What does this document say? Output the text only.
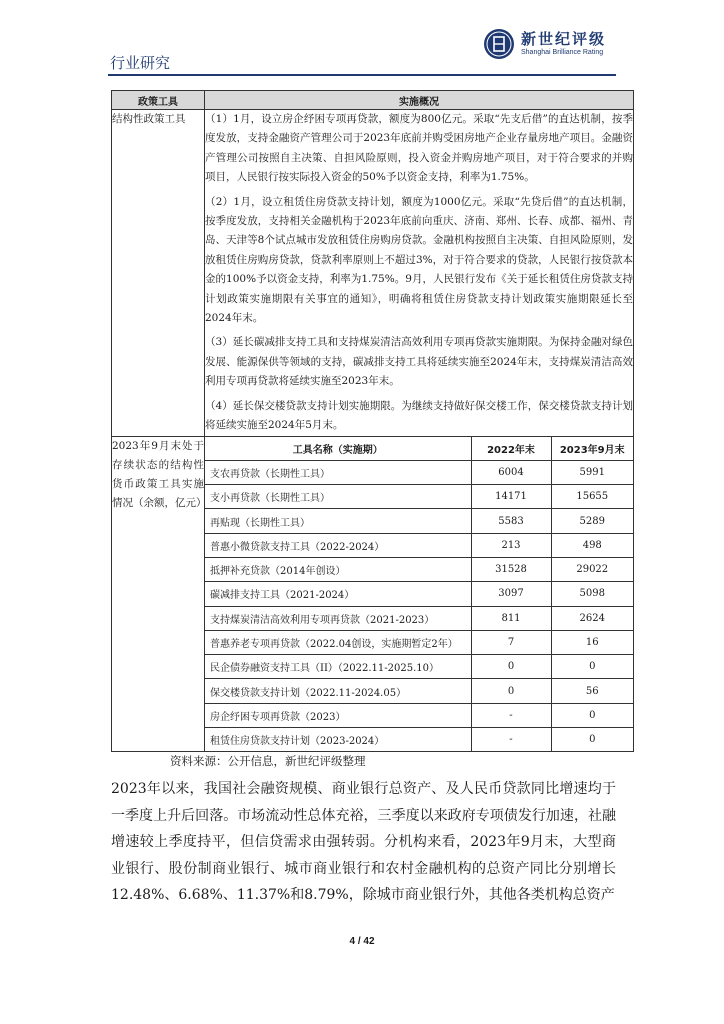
新世纪评级
Shanghai Brilliance Rating
行业研究
政策工具	实施概况
结构性政策工具	（1）1月，设立房企纾困专项再贷款，额度为800亿元。采取“先支后借”的直达机制，按季度发放，支持金融资产管理公司于2023年底前并购受困房地产企业存量房地产项目。金融资产管理公司按照自主决策、自担风险原则，投入资金并购房地产项目，对于符合要求的并购项目，人民银行按实际投入资金的50%予以资金支持，利率为1.75%。

（2）1月，设立租赁住房贷款支持计划，额度为1000亿元。采取“先贷后借”的直达机制，按季度发放，支持相关金融机构于2023年底前向重庆、济南、郑州、长春、成都、福州、青岛、天津等8个试点城市发放租赁住房购房贷款。金融机构按照自主决策、自担风险原则，发放租赁住房购房贷款，贷款利率原则上不超过3%，对于符合要求的贷款，人民银行按贷款本金的100%予以资金支持，利率为1.75%。9月，人民银行发布《关于延长租赁住房贷款支持计划政策实施期限有关事宜的通知》，明确将租赁住房贷款支持计划政策实施期限延长至2024年末。

（3）延长碳减排支持工具和支持煤炭清洁高效利用专项再贷款实施期限。为保持金融对绿色发展、能源保供等领域的支持，碳减排支持工具将延续实施至2024年末，支持煤炭清洁高效利用专项再贷款将延续实施至2023年末。

（4）延长保交楼贷款支持计划实施期限。为继续支持做好保交楼工作，保交楼贷款支持计划将延续实施至2024年5月末。

2023年9月末处于存续状态的结构性货币政策工具实施情况（余额，亿元）	
工具名称（实施期）	2022年末	2023年9月末
支农再贷款（长期性工具）	6004	5991
支小再贷款（长期性工具）	14171	15655
再贴现（长期性工具）	5583	5289
普惠小微贷款支持工具（2022-2024）	213	498
抵押补充贷款（2014年创设）	31528	29022
碳减排支持工具（2021-2024）	3097	5098
支持煤炭清洁高效利用专项再贷款（2021-2023）	811	2624
普惠养老专项再贷款（2022.04创设，实施期暂定2年）	7	16
民企债券融资支持工具（II）（2022.11-2025.10）	0	0
保交楼贷款支持计划（2022.11-2024.05）	0	56
房企纾困专项再贷款（2023）	-	0
租赁住房贷款支持计划（2023-2024）	-	0
资料来源：公开信息，新世纪评级整理

2023年以来，我国社会融资规模、商业银行总资产、及人民币贷款同比增速均于一季度上升后回落。市场流动性总体充裕，三季度以来政府专项债发行加速，社融增速较上季度持平，但信贷需求由强转弱。分机构来看，2023年9月末，大型商业银行、股份制商业银行、城市商业银行和农村金融机构的总资产同比分别增长12.48%、6.68%、11.37%和8.79%，除城市商业银行外，其他各类机构总资产

4 / 42
